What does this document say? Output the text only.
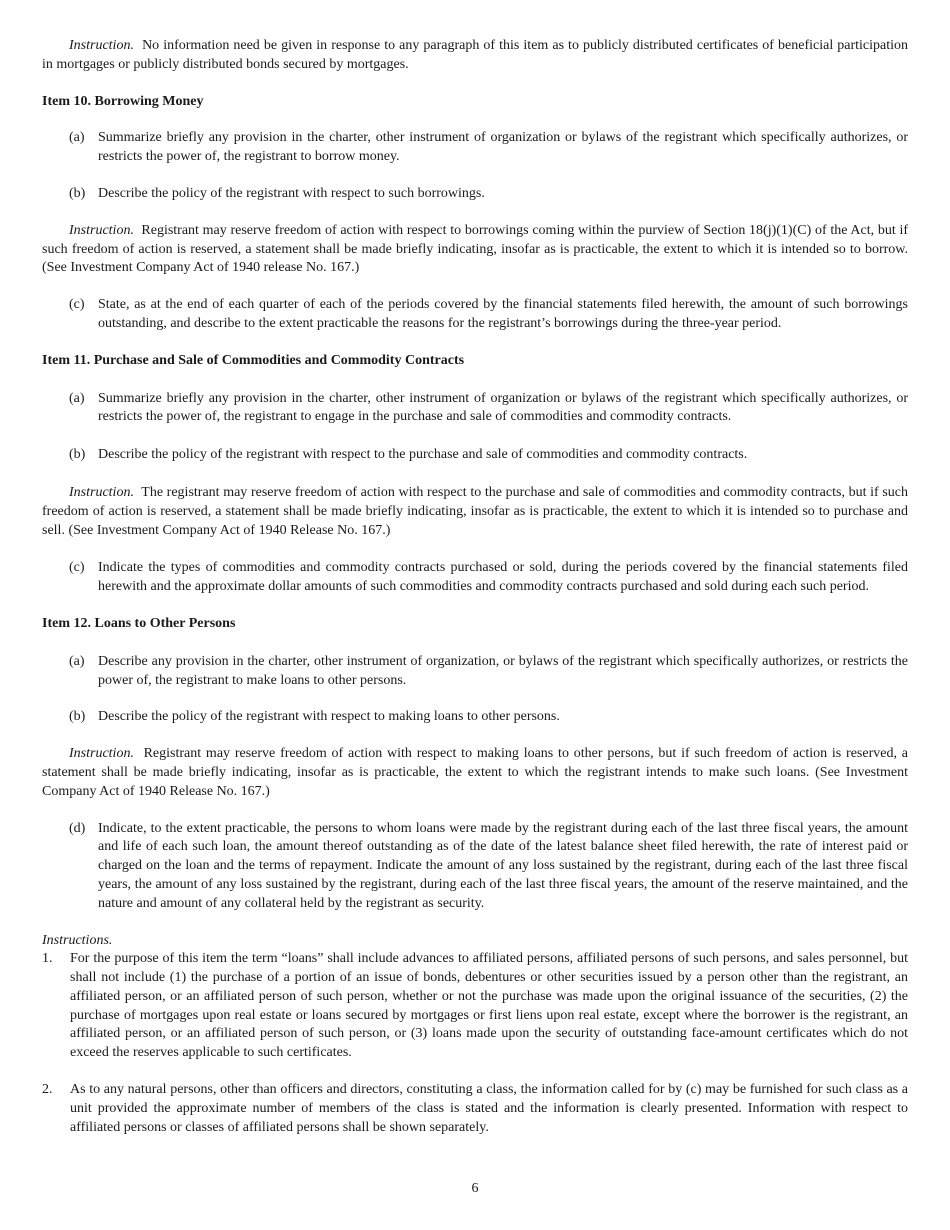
Instruction. No information need be given in response to any paragraph of this item as to publicly distributed certificates of beneficial participation in mortgages or publicly distributed bonds secured by mortgages.

Item 10. Borrowing Money

(a) Summarize briefly any provision in the charter, other instrument of organization or bylaws of the registrant which specifically authorizes, or restricts the power of, the registrant to borrow money.
(b) Describe the policy of the registrant with respect to such borrowings.

Instruction. Registrant may reserve freedom of action with respect to borrowings coming within the purview of Section 18(j)(1)(C) of the Act, but if such freedom of action is reserved, a statement shall be made briefly indicating, insofar as is practicable, the extent to which it is intended so to borrow. (See Investment Company Act of 1940 release No. 167.)

(c) State, as at the end of each quarter of each of the periods covered by the financial statements filed herewith, the amount of such borrowings outstanding, and describe to the extent practicable the reasons for the registrant’s borrowings during the three-year period.

Item 11. Purchase and Sale of Commodities and Commodity Contracts

(a) Summarize briefly any provision in the charter, other instrument of organization or bylaws of the registrant which specifically authorizes, or restricts the power of, the registrant to engage in the purchase and sale of commodities and commodity contracts.
(b) Describe the policy of the registrant with respect to the purchase and sale of commodities and commodity contracts.

Instruction. The registrant may reserve freedom of action with respect to the purchase and sale of commodities and commodity contracts, but if such freedom of action is reserved, a statement shall be made briefly indicating, insofar as is practicable, the extent to which it is intended so to purchase and sell. (See Investment Company Act of 1940 Release No. 167.)

(c) Indicate the types of commodities and commodity contracts purchased or sold, during the periods covered by the financial statements filed herewith and the approximate dollar amounts of such commodities and commodity contracts purchased and sold during each such period.

Item 12. Loans to Other Persons

(a) Describe any provision in the charter, other instrument of organization, or bylaws of the registrant which specifically authorizes, or restricts the power of, the registrant to make loans to other persons.
(b) Describe the policy of the registrant with respect to making loans to other persons.

Instruction. Registrant may reserve freedom of action with respect to making loans to other persons, but if such freedom of action is reserved, a statement shall be made briefly indicating, insofar as is practicable, the extent to which the registrant intends to make such loans. (See Investment Company Act of 1940 Release No. 167.)

(d) Indicate, to the extent practicable, the persons to whom loans were made by the registrant during each of the last three fiscal years, the amount and life of each such loan, the amount thereof outstanding as of the date of the latest balance sheet filed herewith, the rate of interest paid or charged on the loan and the terms of repayment. Indicate the amount of any loss sustained by the registrant, during each of the last three fiscal years, the amount of any loss sustained by the registrant, during each of the last three fiscal years, the amount of the reserve maintained, and the nature and amount of any collateral held by the registrant as security.

Instructions.

1. For the purpose of this item the term “loans” shall include advances to affiliated persons, affiliated persons of such persons, and sales personnel, but shall not include (1) the purchase of a portion of an issue of bonds, debentures or other securities issued by a person other than the registrant, an affiliated person, or an affiliated person of such person, whether or not the purchase was made upon the original issuance of the securities, (2) the purchase of mortgages upon real estate or loans secured by mortgages or first liens upon real estate, except where the borrower is the registrant, an affiliated person, or an affiliated person of such person, or (3) loans made upon the security of outstanding face-amount certificates which do not exceed the reserves applicable to such certificates.
2. As to any natural persons, other than officers and directors, constituting a class, the information called for by (c) may be furnished for such class as a unit provided the approximate number of members of the class is stated and the information is clearly presented. Information with respect to affiliated persons or classes of affiliated persons shall be shown separately.
6
